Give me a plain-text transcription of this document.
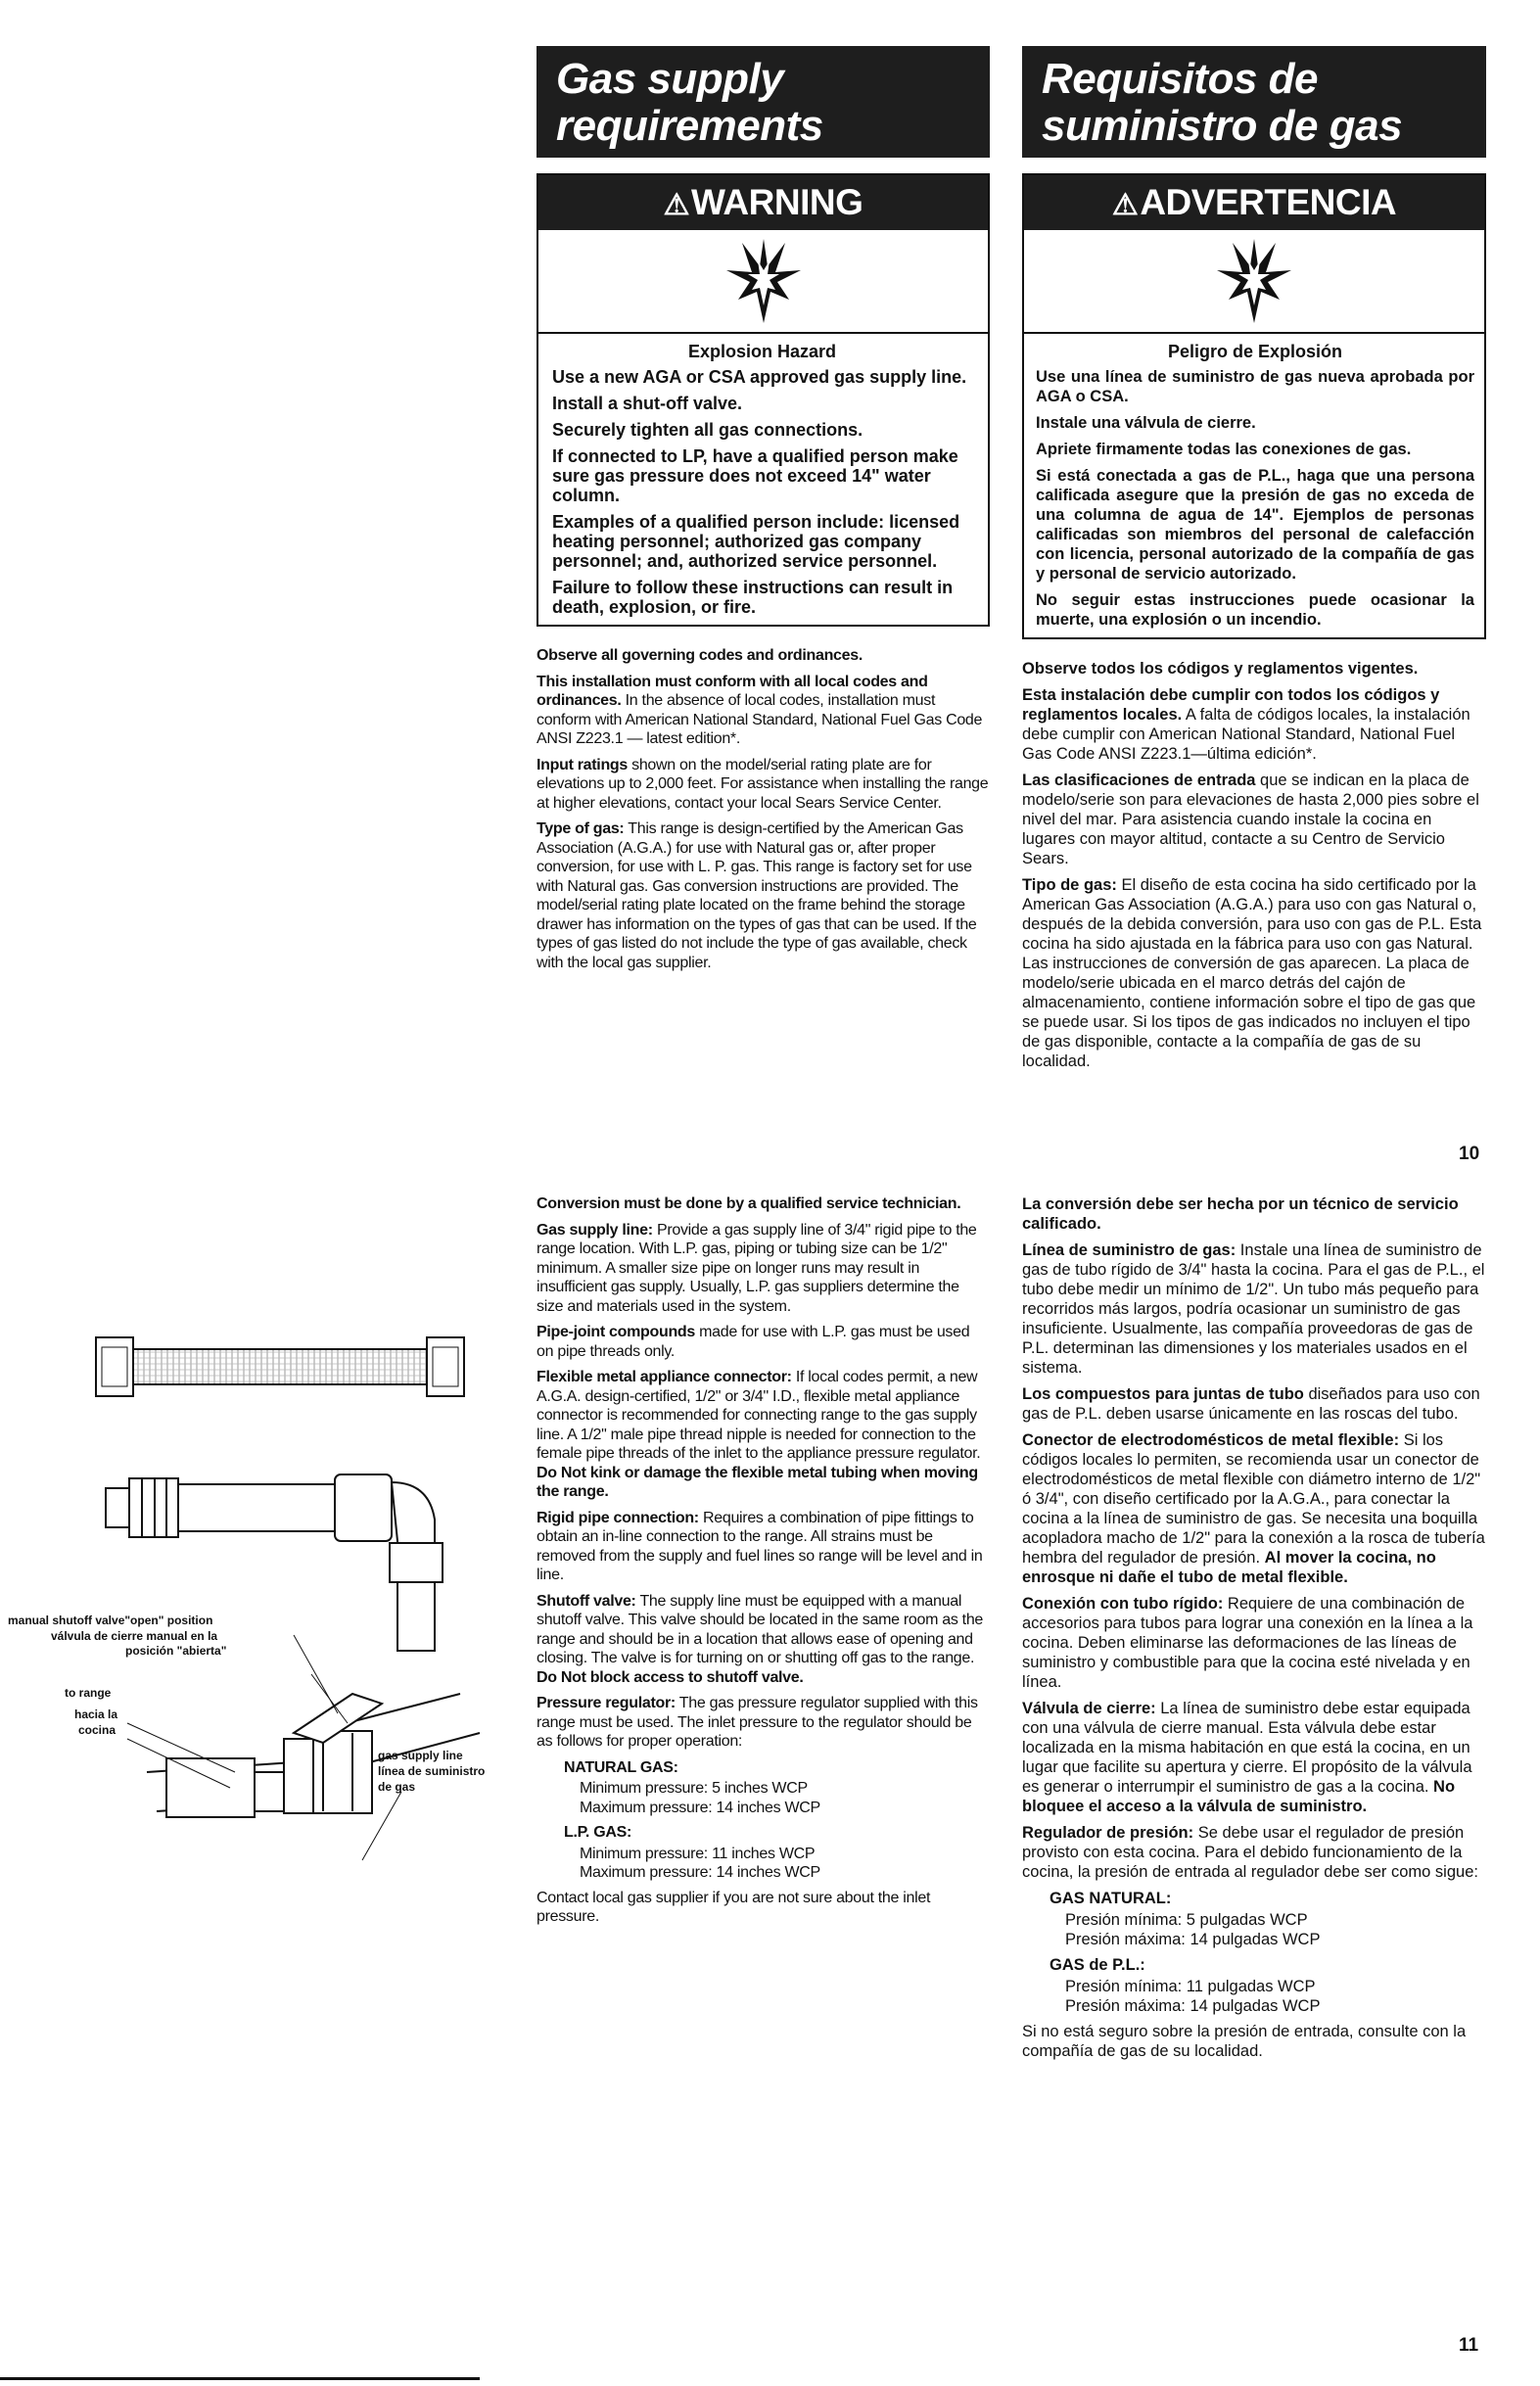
Gas supply
requirements
⚠WARNING
Explosion Hazard

Use a new AGA or CSA approved gas supply line.

Install a shut-off valve.

Securely tighten all gas connections.

If connected to LP, have a qualified person make sure gas pressure does not exceed 14" water column.

Examples of a qualified person include: licensed heating personnel; authorized gas company personnel; and, authorized service personnel.

Failure to follow these instructions can result in death, explosion, or fire.

Observe all governing codes and ordinances.

This installation must conform with all local codes and ordinances. In the absence of local codes, installation must conform with American National Standard, National Fuel Gas Code ANSI Z223.1 — latest edition*.

Input ratings shown on the model/serial rating plate are for elevations up to 2,000 feet. For assistance when installing the range at higher elevations, contact your local Sears Service Center.

Type of gas: This range is design-certified by the American Gas Association (A.G.A.) for use with Natural gas or, after proper conversion, for use with L. P. gas. This range is factory set for use with Natural gas. Gas conversion instructions are provided. The model/serial rating plate located on the frame behind the storage drawer has information on the types of gas that can be used. If the types of gas listed do not include the type of gas available, check with the local gas supplier.

Requisitos de
suministro de gas
⚠ADVERTENCIA
Peligro de Explosión

Use una línea de suministro de gas nueva aprobada por AGA o CSA.

Instale una válvula de cierre.

Apriete firmamente todas las conexiones de gas.

Si está conectada a gas de P.L., haga que una persona calificada asegure que la presión de gas no exceda de una columna de agua de 14". Ejemplos de personas calificadas son miembros del personal de calefacción con licencia, personal autorizado de la compañía de gas y personal de servicio autorizado.

No seguir estas instrucciones puede ocasionar la muerte, una explosión o un incendio.

Observe todos los códigos y reglamentos vigentes.

Esta instalación debe cumplir con todos los códigos y reglamentos locales. A falta de códigos locales, la instalación debe cumplir con American National Standard, National Fuel Gas Code ANSI Z223.1—última edición*.

Las clasificaciones de entrada que se indican en la placa de modelo/serie son para elevaciones de hasta 2,000 pies sobre el nivel del mar. Para asistencia cuando instale la cocina en lugares con mayor altitud, contacte a su Centro de Servicio Sears.

Tipo de gas: El diseño de esta cocina ha sido certificado por la American Gas Association (A.G.A.) para uso con gas Natural o, después de la debida conversión, para uso con gas de P.L. Esta cocina ha sido ajustada en la fábrica para uso con gas Natural. Las instrucciones de conversión de gas aparecen. La placa de modelo/serie ubicada en el marco detrás del cajón de almacenamiento, contiene información sobre el tipo de gas que se puede usar. Si los tipos de gas indicados no incluyen el tipo de gas disponible, contacte a la compañía de gas de su localidad.

10

Conversion must be done by a qualified service technician.

Gas supply line: Provide a gas supply line of 3/4" rigid pipe to the range location. With L.P. gas, piping or tubing size can be 1/2" minimum. A smaller size pipe on longer runs may result in insufficient gas supply. Usually, L.P. gas suppliers determine the size and materials used in the system.

Pipe-joint compounds made for use with L.P. gas must be used on pipe threads only.

Flexible metal appliance connector: If local codes permit, a new A.G.A. design-certified, 1/2" or 3/4" I.D., flexible metal appliance connector is recommended for connecting range to the gas supply line. A 1/2" male pipe thread nipple is needed for connection to the female pipe threads of the inlet to the appliance pressure regulator. Do Not kink or damage the flexible metal tubing when moving the range.

Rigid pipe connection: Requires a combination of pipe fittings to obtain an in-line connection to the range. All strains must be removed from the supply and fuel lines so range will be level and in line.

Shutoff valve: The supply line must be equipped with a manual shutoff valve. This valve should be located in the same room as the range and should be in a location that allows ease of opening and closing. The valve is for turning on or shutting off gas to the range. Do Not block access to shutoff valve.

Pressure regulator: The gas pressure regulator supplied with this range must be used. The inlet pressure to the regulator should be as follows for proper operation:

NATURAL GAS:

Minimum pressure: 5 inches WCP

Maximum pressure: 14 inches WCP

L.P. GAS:

Minimum pressure: 11 inches WCP

Maximum pressure: 14 inches WCP

Contact local gas supplier if you are not sure about the inlet pressure.

La conversión debe ser hecha por un técnico de servicio calificado.

Línea de suministro de gas: Instale una línea de suministro de gas de tubo rígido de 3/4" hasta la cocina. Para el gas de P.L., el tubo debe medir un mínimo de 1/2". Un tubo más pequeño para recorridos más largos, podría ocasionar un suministro de gas insuficiente. Usualmente, las compañía proveedoras de gas de P.L. determinan las dimensiones y los materiales usados en el sistema.

Los compuestos para juntas de tubo diseñados para uso con gas de P.L. deben usarse únicamente en las roscas del tubo.

Conector de electrodomésticos de metal flexible: Si los códigos locales lo permiten, se recomienda usar un conector de electrodomésticos de metal flexible con diámetro interno de 1/2" ó 3/4", con diseño certificado por la A.G.A., para conectar la cocina a la línea de suministro de gas. Se necesita una boquilla acopladora macho de 1/2" para la conexión a la rosca de tubería hembra del regulador de presión. Al mover la cocina, no enrosque ni dañe el tubo de metal flexible.

Conexión con tubo rígido: Requiere de una combinación de accesorios para tubos para lograr una conexión en la línea a la cocina. Deben eliminarse las deformaciones de las líneas de suministro y combustible para que la cocina esté nivelada y en línea.

Válvula de cierre: La línea de suministro debe estar equipada con una válvula de cierre manual. Esta válvula debe estar localizada en la misma habitación en que está la cocina, en un lugar que facilite su apertura y cierre. El propósito de la válvula es generar o interrumpir el suministro de gas a la cocina. No bloquee el acceso a la válvula de suministro.

Regulador de presión: Se debe usar el regulador de presión provisto con esta cocina. Para el debido funcionamiento de la cocina, la presión de entrada al regulador debe ser como sigue:

GAS NATURAL:

Presión mínima: 5 pulgadas WCP

Presión máxima: 14 pulgadas WCP

GAS de P.L.:

Presión mínima: 11 pulgadas WCP

Presión máxima: 14 pulgadas WCP

Si no está seguro sobre la presión de entrada, consulte con la compañía de gas de su localidad.

11
manual shutoff valve"open" position
válvula de cierre manual en la
posición "abierta"
to range
hacia la
cocina
gas supply line
línea de suministro
de gas
